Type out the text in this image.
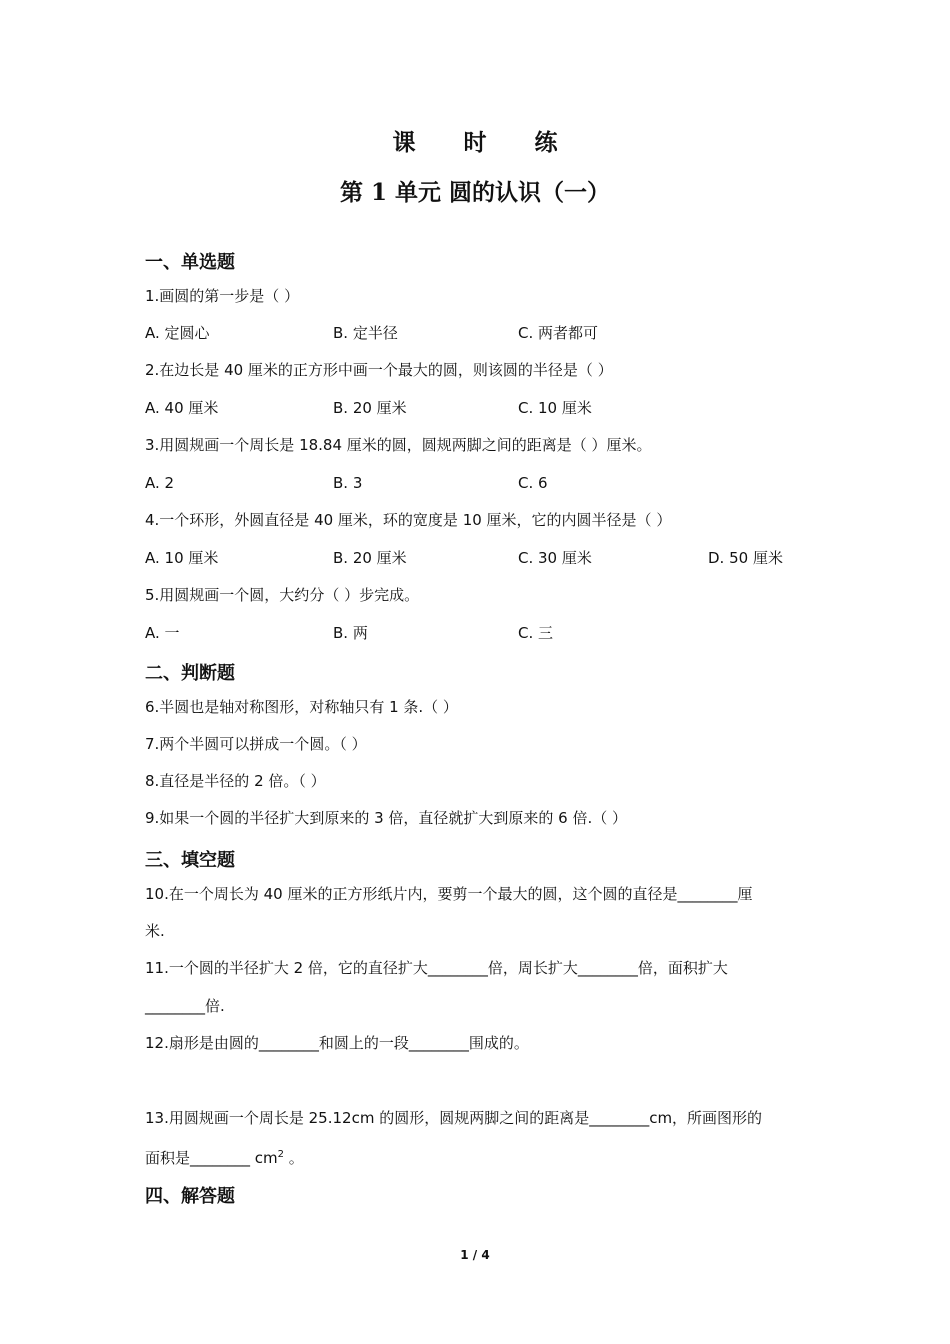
课 时 练
第 1 单元 圆的认识（一）
一、单选题
1.画圆的第一步是（ ）
A. 定圆心	B. 定半径	C. 两者都可
2.在边长是 40 厘米的正方形中画一个最大的圆，则该圆的半径是（ ）
A. 40 厘米	B. 20 厘米	C. 10 厘米
3.用圆规画一个周长是 18.84 厘米的圆，圆规两脚之间的距离是（ ）厘米。
A. 2	B. 3	C. 6
4.一个环形，外圆直径是 40 厘米，环的宽度是 10 厘米，它的内圆半径是（ ）
A. 10 厘米	B. 20 厘米	C. 30 厘米	D. 50 厘米
5.用圆规画一个圆，大约分（ ）步完成。
A. 一	B. 两	C. 三
二、判断题
6.半圆也是轴对称图形，对称轴只有 1 条.（ ）
7.两个半圆可以拼成一个圆。（ ）
8.直径是半径的 2 倍。（ ）
9.如果一个圆的半径扩大到原来的 3 倍，直径就扩大到原来的 6 倍.（ ）
三、填空题
10.在一个周长为 40 厘米的正方形纸片内，要剪一个最大的圆，这个圆的直径是________厘
米.
11.一个圆的半径扩大 2 倍，它的直径扩大________倍，周长扩大________倍，面积扩大
________倍.
12.扇形是由圆的________和圆上的一段________围成的。
13.用圆规画一个周长是 25.12cm 的圆形，圆规两脚之间的距离是________cm，所画图形的
面积是________ $cm^2$ 。
四、解答题
1 / 4
